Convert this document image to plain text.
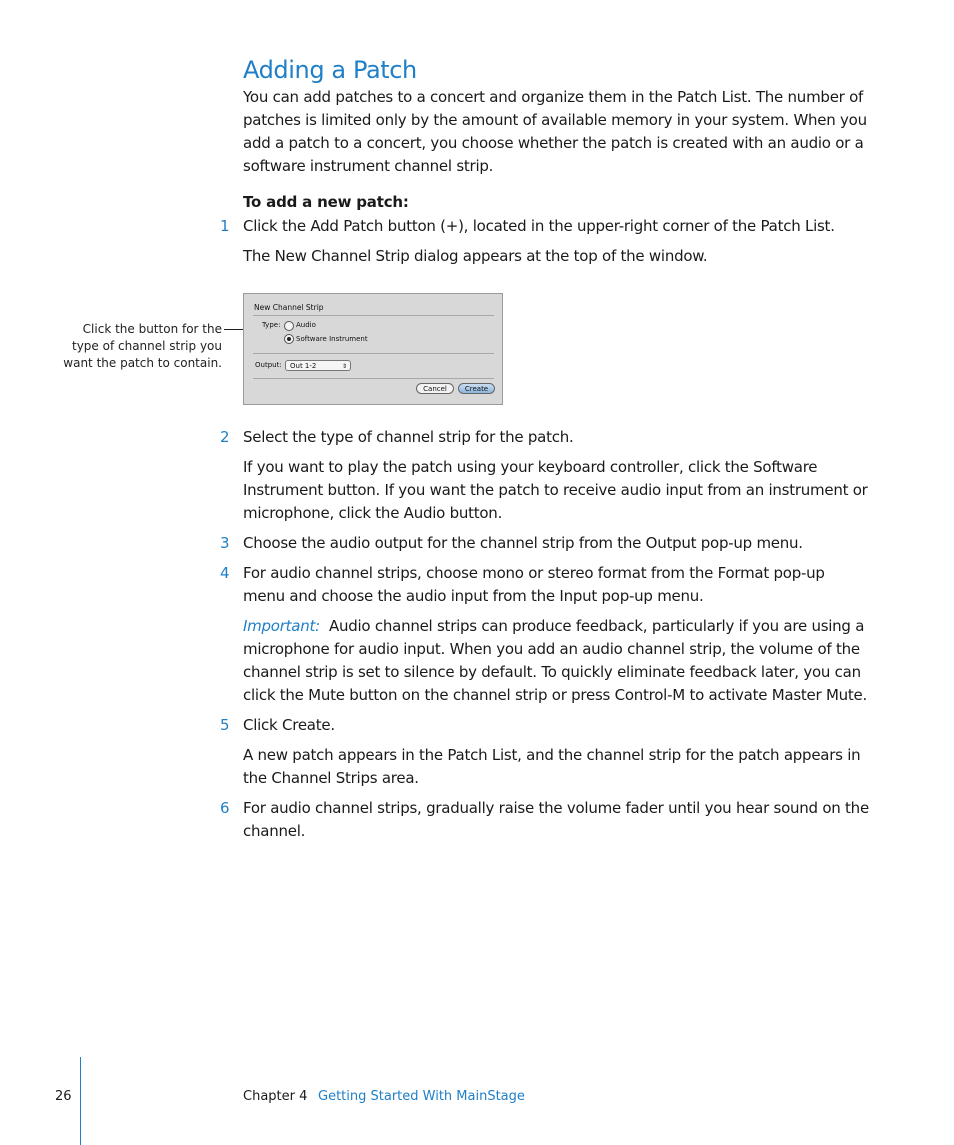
Adding a Patch

You can add patches to a concert and organize them in the Patch List. The number of patches is limited only by the amount of available memory in your system. When you add a patch to a concert, you choose whether the patch is created with an audio or a software instrument channel strip.

To add a new patch:

1 Click the Add Patch button (+), located in the upper-right corner of the Patch List.

The New Channel Strip dialog appears at the top of the window.

Click the button for the type of channel strip you want the patch to contain.

New Channel Strip
Type: Audio
Software Instrument
Output:	Out 1-2	⇕
Cancel	Create
2 Select the type of channel strip for the patch.

If you want to play the patch using your keyboard controller, click the Software Instrument button. If you want the patch to receive audio input from an instrument or microphone, click the Audio button.

3 Choose the audio output for the channel strip from the Output pop-up menu.

4 For audio channel strips, choose mono or stereo format from the Format pop-up menu and choose the audio input from the Input pop-up menu.

Important: Audio channel strips can produce feedback, particularly if you are using a microphone for audio input. When you add an audio channel strip, the volume of the channel strip is set to silence by default. To quickly eliminate feedback later, you can click the Mute button on the channel strip or press Control-M to activate Master Mute.

5 Click Create.

A new patch appears in the Patch List, and the channel strip for the patch appears in the Channel Strips area.

6 For audio channel strips, gradually raise the volume fader until you hear sound on the channel.

26	Chapter 4 Getting Started With MainStage
